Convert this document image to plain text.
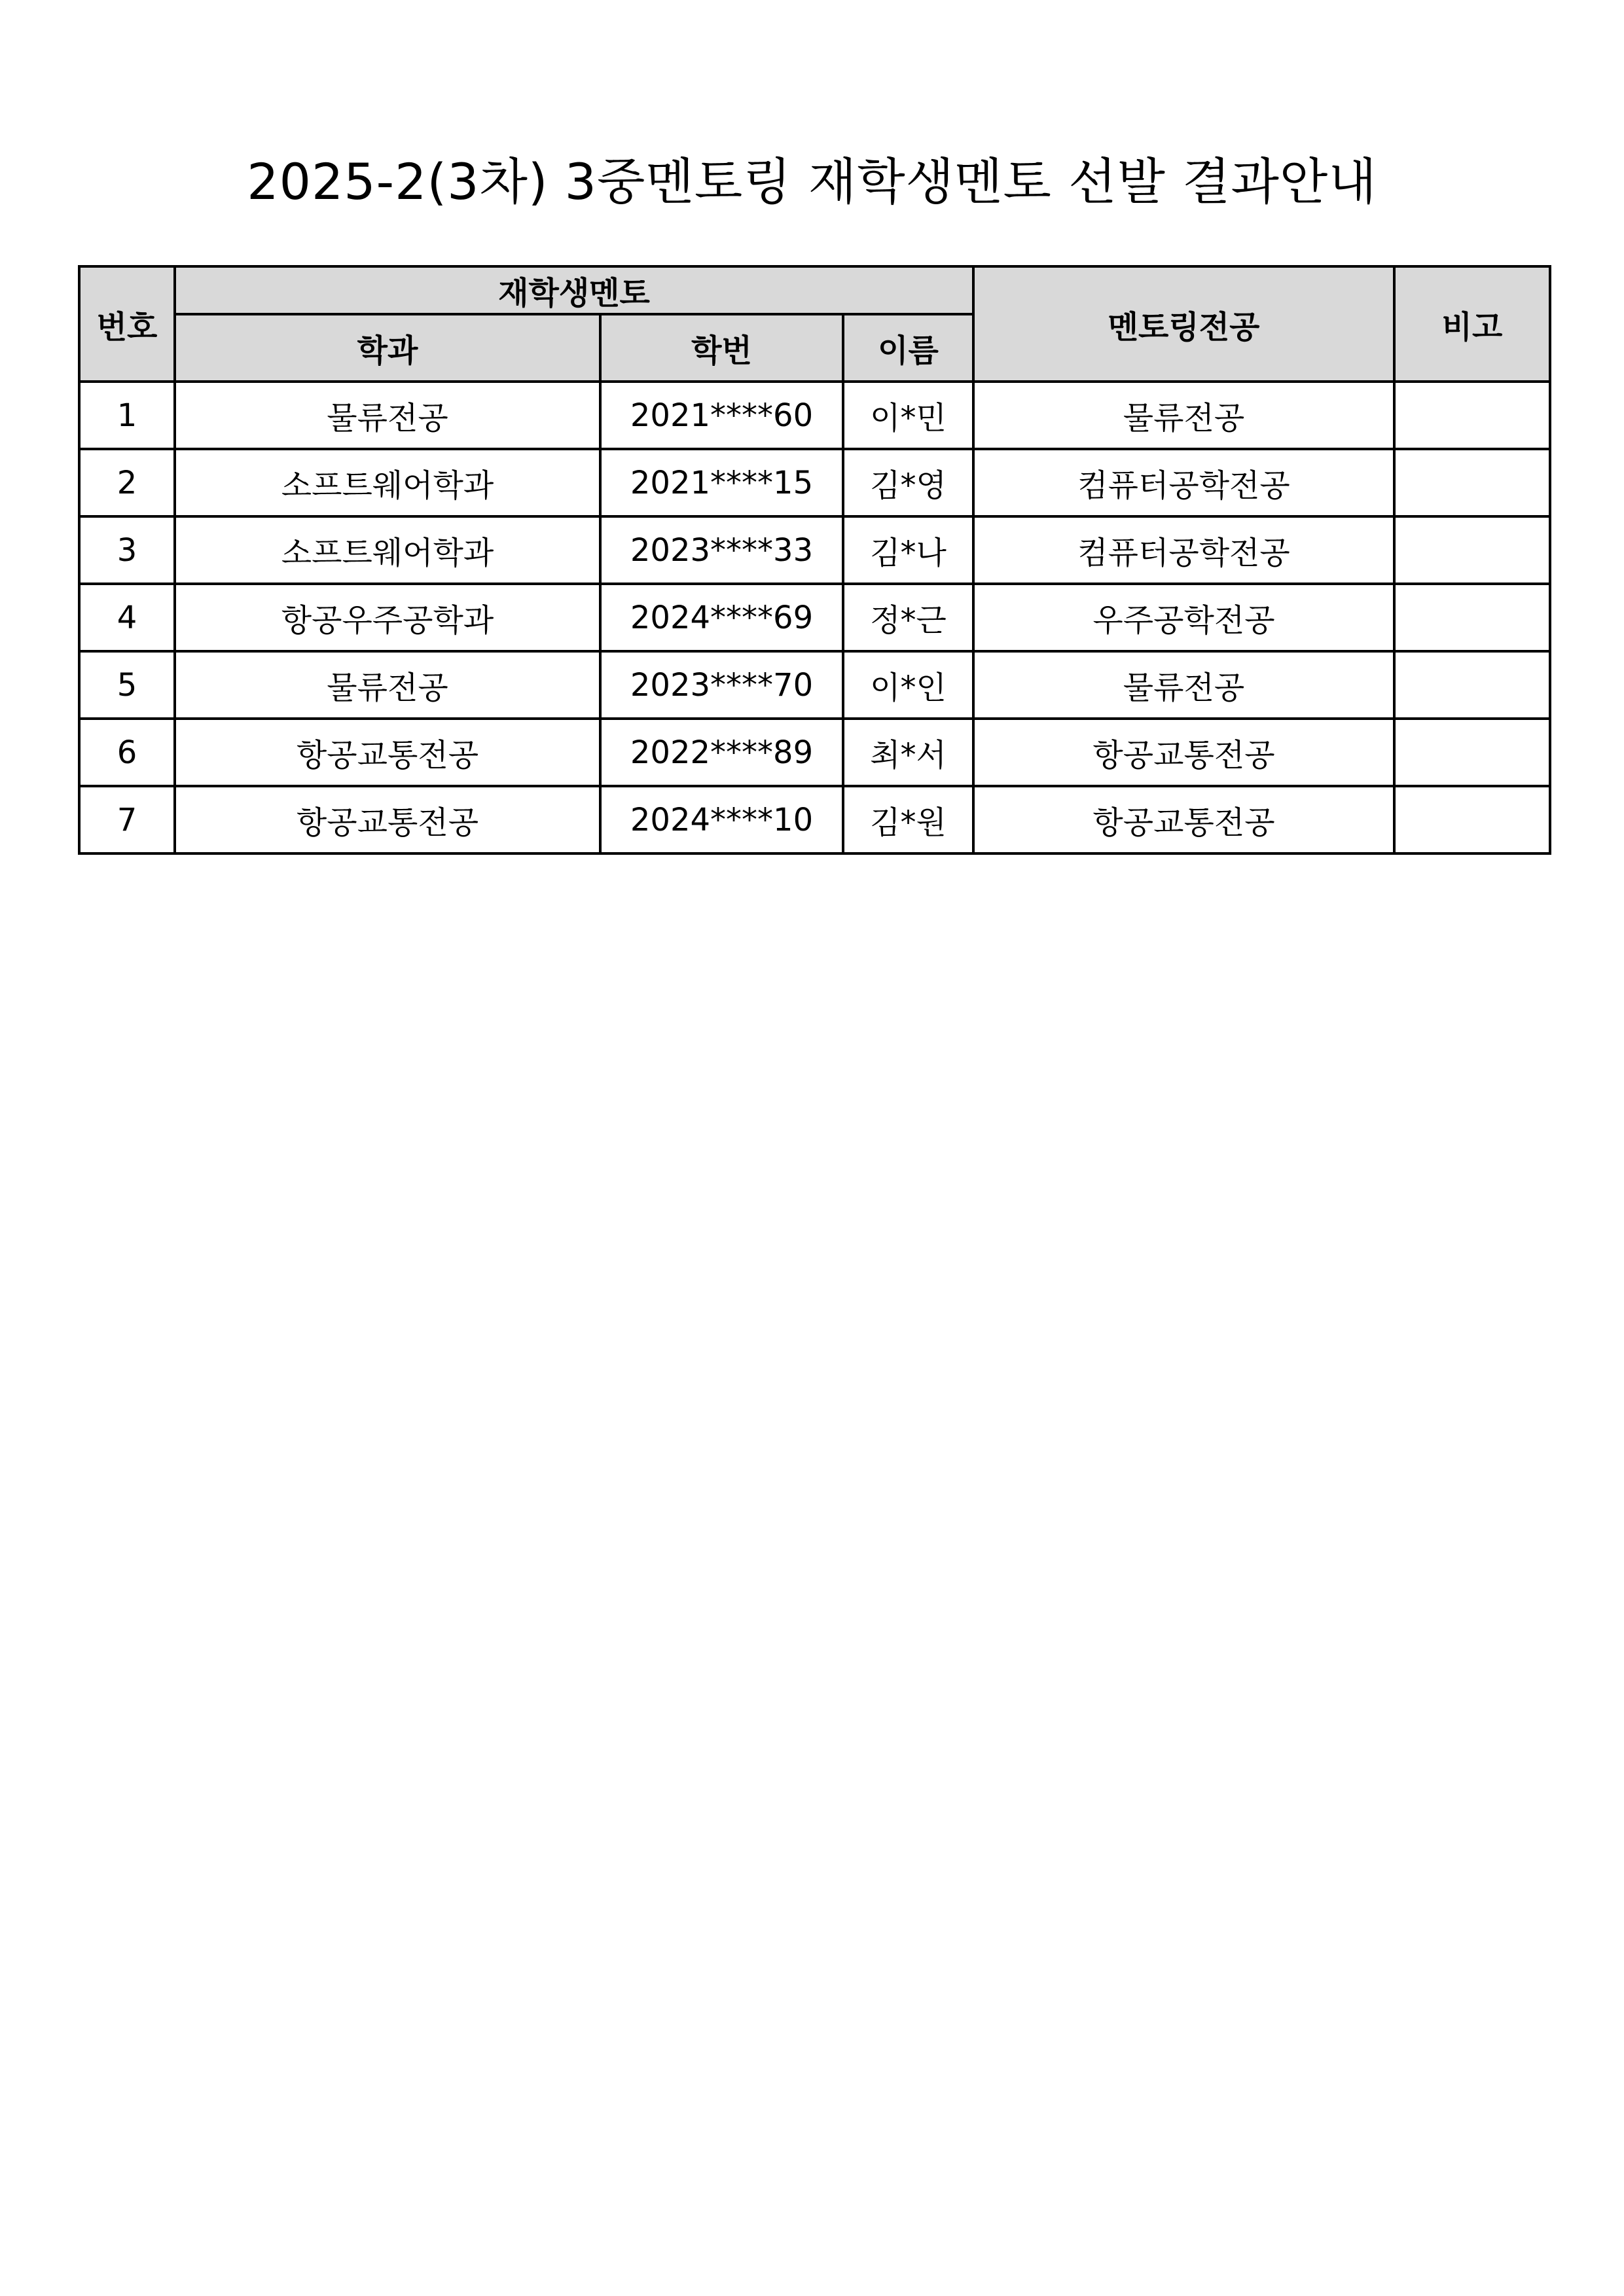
2025-2(3차) 3중멘토링 재학생멘토 선발 결과안내
번호	재학생멘토			멘토링전공	비고
	학과	학번	이름		
1	물류전공	2021****60	이*민	물류전공	
2	소프트웨어학과	2021****15	김*영	컴퓨터공학전공	
3	소프트웨어학과	2023****33	김*나	컴퓨터공학전공	
4	항공우주공학과	2024****69	정*근	우주공학전공	
5	물류전공	2023****70	이*인	물류전공	
6	항공교통전공	2022****89	최*서	항공교통전공	
7	항공교통전공	2024****10	김*원	항공교통전공	
